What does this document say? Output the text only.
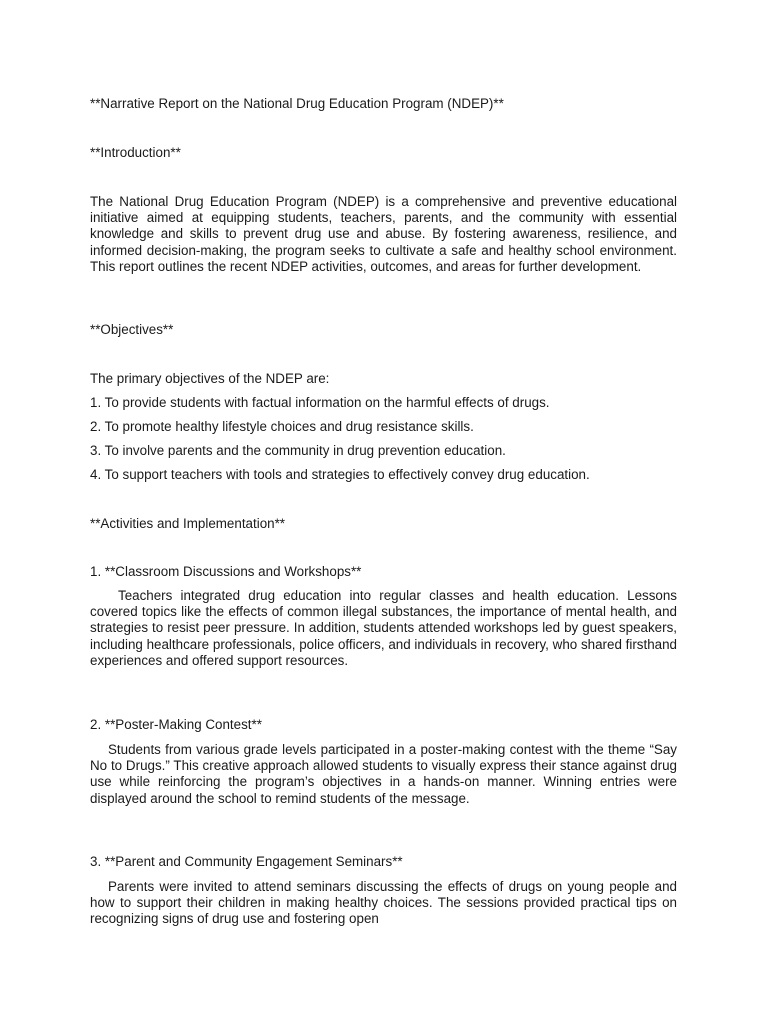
**Narrative Report on the National Drug Education Program (NDEP)**
**Introduction**

The National Drug Education Program (NDEP) is a comprehensive and preventive educational initiative aimed at equipping students, teachers, parents, and the community with essential knowledge and skills to prevent drug use and abuse. By fostering awareness, resilience, and informed decision-making, the program seeks to cultivate a safe and healthy school environment. This report outlines the recent NDEP activities, outcomes, and areas for further development.

**Objectives**
The primary objectives of the NDEP are:
1. To provide students with factual information on the harmful effects of drugs.
2. To promote healthy lifestyle choices and drug resistance skills.
3. To involve parents and the community in drug prevention education.
4. To support teachers with tools and strategies to effectively convey drug education.
**Activities and Implementation**
1. **Classroom Discussions and Workshops**

Teachers integrated drug education into regular classes and health education. Lessons covered topics like the effects of common illegal substances, the importance of mental health, and strategies to resist peer pressure. In addition, students attended workshops led by guest speakers, including healthcare professionals, police officers, and individuals in recovery, who shared firsthand experiences and offered support resources.

2. **Poster-Making Contest**

Students from various grade levels participated in a poster-making contest with the theme “Say No to Drugs.” This creative approach allowed students to visually express their stance against drug use while reinforcing the program’s objectives in a hands-on manner. Winning entries were displayed around the school to remind students of the message.

3. **Parent and Community Engagement Seminars**

Parents were invited to attend seminars discussing the effects of drugs on young people and how to support their children in making healthy choices. The sessions provided practical tips on recognizing signs of drug use and fostering open
